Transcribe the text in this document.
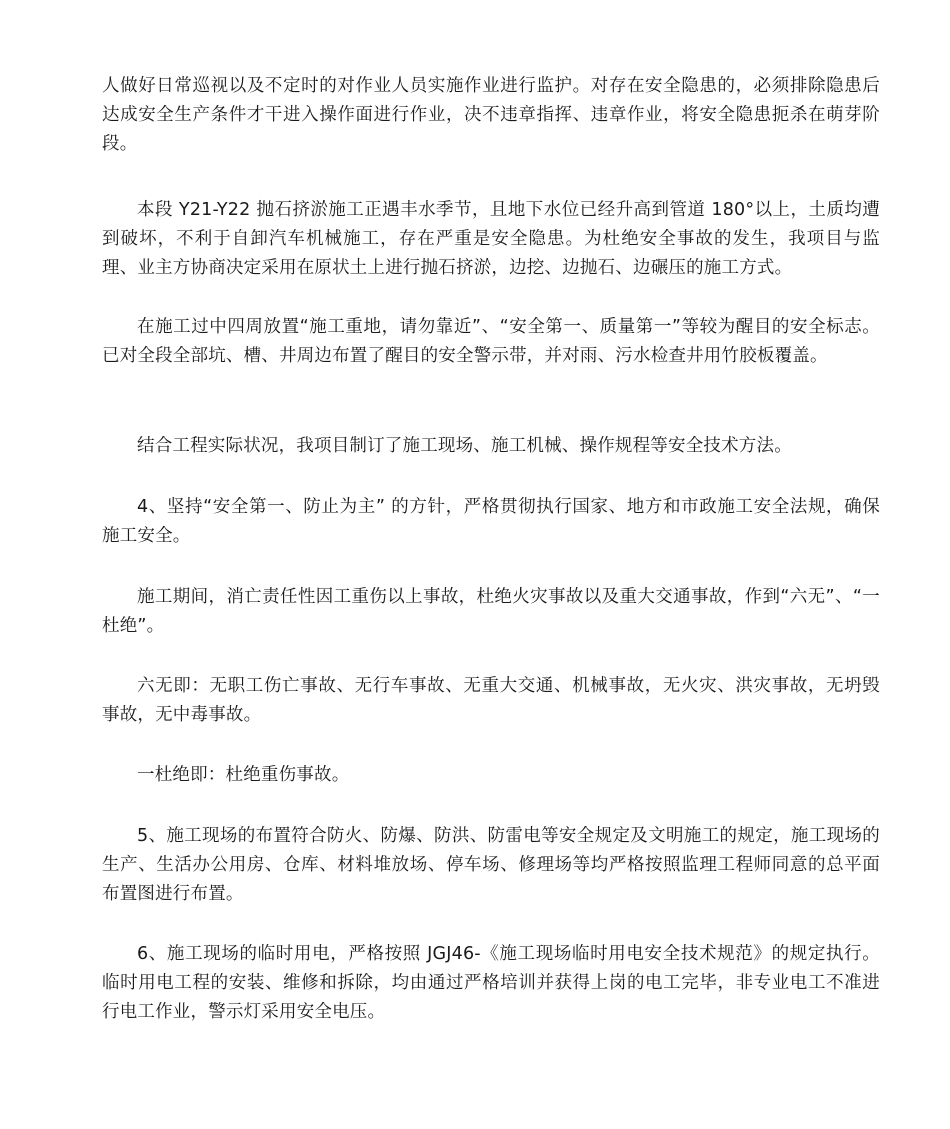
人做好日常巡视以及不定时的对作业人员实施作业进行监护。对存在安全隐患的，必须排除隐患后达成安全生产条件才干进入操作面进行作业，决不违章指挥、违章作业，将安全隐患扼杀在萌芽阶段。

本段 Y21-Y22 抛石挤淤施工正遇丰水季节，且地下水位已经升高到管道 180°以上，土质均遭到破坏，不利于自卸汽车机械施工，存在严重是安全隐患。为杜绝安全事故的发生，我项目与监理、业主方协商决定采用在原状土上进行抛石挤淤，边挖、边抛石、边碾压的施工方式。

在施工过中四周放置“施工重地，请勿靠近”、“安全第一、质量第一”等较为醒目的安全标志。已对全段全部坑、槽、井周边布置了醒目的安全警示带，并对雨、污水检查井用竹胶板覆盖。

结合工程实际状况，我项目制订了施工现场、施工机械、操作规程等安全技术方法。

4、坚持“安全第一、防止为主” 的方针，严格贯彻执行国家、地方和市政施工安全法规，确保施工安全。

施工期间，消亡责任性因工重伤以上事故，杜绝火灾事故以及重大交通事故，作到“六无”、“一杜绝”。

六无即：无职工伤亡事故、无行车事故、无重大交通、机械事故，无火灾、洪灾事故，无坍毁事故，无中毒事故。

一杜绝即：杜绝重伤事故。

5、施工现场的布置符合防火、防爆、防洪、防雷电等安全规定及文明施工的规定，施工现场的生产、生活办公用房、仓库、材料堆放场、停车场、修理场等均严格按照监理工程师同意的总平面布置图进行布置。

6、施工现场的临时用电，严格按照 JGJ46-《施工现场临时用电安全技术规范》的规定执行。临时用电工程的安装、维修和拆除，均由通过严格培训并获得上岗的电工完毕，非专业电工不准进行电工作业，警示灯采用安全电压。
